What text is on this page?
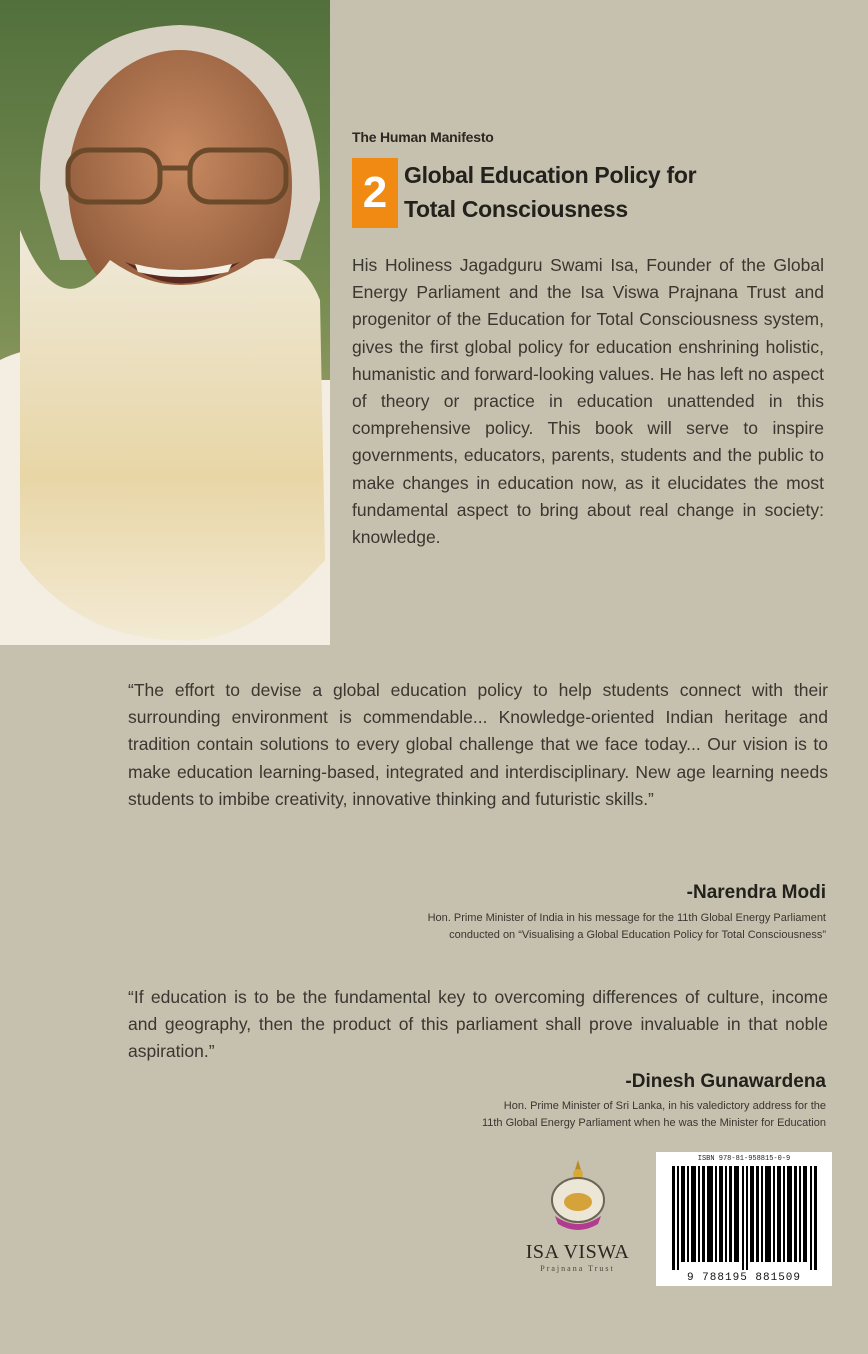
The Human Manifesto
2 Global Education Policy for
Total Consciousness
His Holiness Jagadguru Swami Isa, Founder of the Global Energy Parliament and the Isa Viswa Prajnana Trust and progenitor of the Education for Total Consciousness system, gives the first global policy for education enshrining holistic, humanistic and forward-looking values. He has left no aspect of theory or practice in education unattended in this comprehensive policy. This book will serve to inspire governments, educators, parents, students and the public to make changes in education now, as it elucidates the most fundamental aspect to bring about real change in society: knowledge.
“The effort to devise a global education policy to help students connect with their surrounding environment is commendable... Knowledge-oriented Indian heritage and tradition contain solutions to every global challenge that we face today... Our vision is to make education learning-based, integrated and interdisciplinary. New age learning needs students to imbibe creativity, innovative thinking and futuristic skills.”
-Narendra Modi
Hon. Prime Minister of India in his message for the 11th Global Energy Parliament
conducted on “Visualising a Global Education Policy for Total Consciousness”
“If education is to be the fundamental key to overcoming differences of culture, income and geography, then the product of this parliament shall prove invaluable in that noble aspiration.”
-Dinesh Gunawardena
Hon. Prime Minister of Sri Lanka, in his valedictory address for the
11th Global Energy Parliament when he was the Minister for Education
ISA VISWA
Prajnana Trust
ISBN 978-81-958815-0-9
9 788195 881509
